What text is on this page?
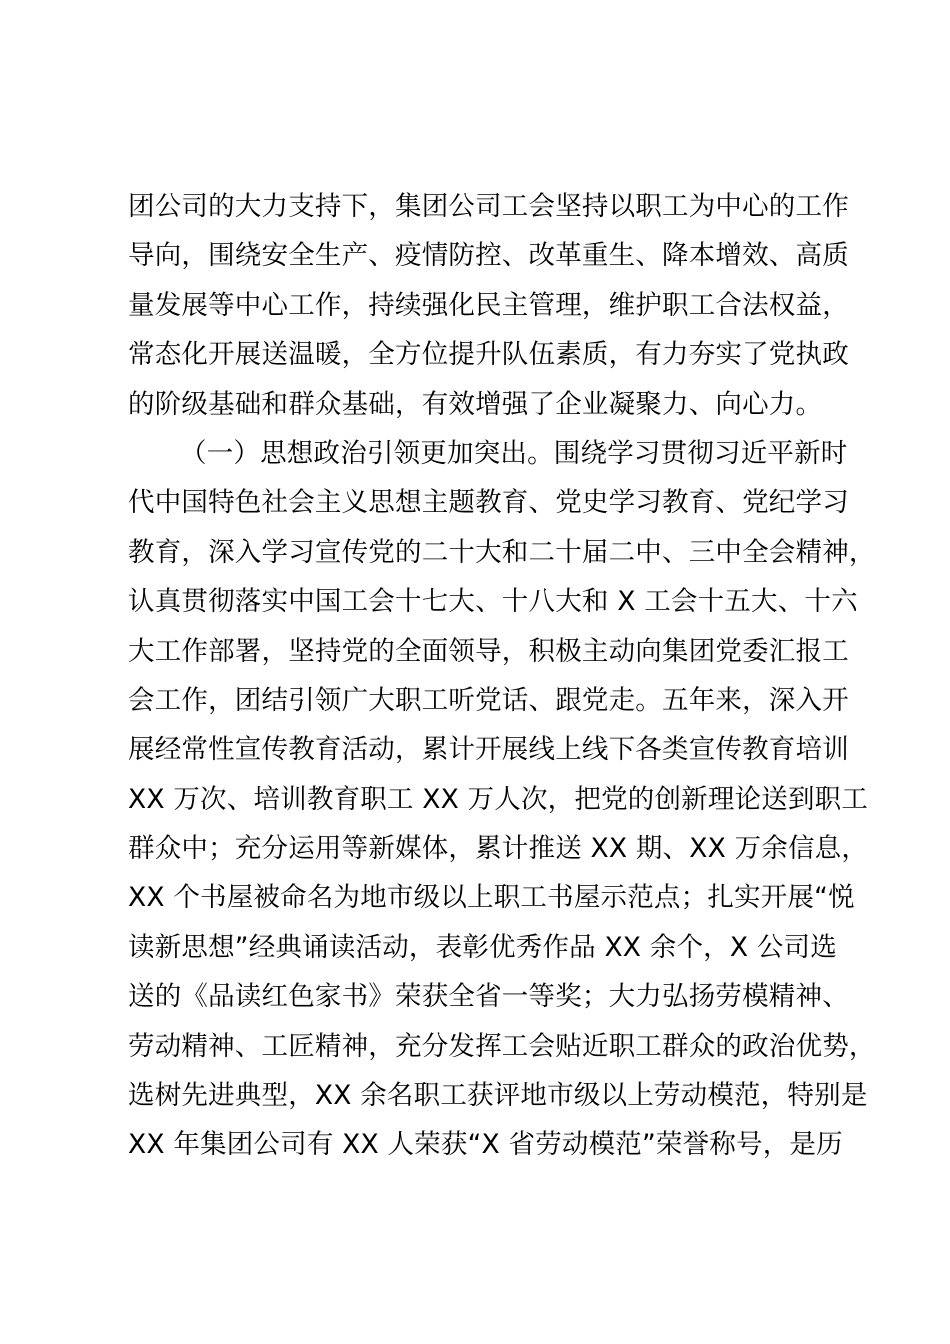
团公司的大力支持下，集团公司工会坚持以职工为中心的工作
导向，围绕安全生产、疫情防控、改革重生、降本增效、高质
量发展等中心工作，持续强化民主管理，维护职工合法权益，
常态化开展送温暖，全方位提升队伍素质，有力夯实了党执政
的阶级基础和群众基础，有效增强了企业凝聚力、向心力。
（一）思想政治引领更加突出。围绕学习贯彻习近平新时
代中国特色社会主义思想主题教育、党史学习教育、党纪学习
教育，深入学习宣传党的二十大和二十届二中、三中全会精神，
认真贯彻落实中国工会十七大、十八大和 X 工会十五大、十六
大工作部署，坚持党的全面领导，积极主动向集团党委汇报工
会工作，团结引领广大职工听党话、跟党走。五年来，深入开
展经常性宣传教育活动，累计开展线上线下各类宣传教育培训
XX 万次、培训教育职工 XX 万人次，把党的创新理论送到职工
群众中；充分运用等新媒体，累计推送 XX 期、XX 万余信息，
XX 个书屋被命名为地市级以上职工书屋示范点；扎实开展“悦
读新思想”经典诵读活动，表彰优秀作品 XX 余个，X 公司选
送的《品读红色家书》荣获全省一等奖；大力弘扬劳模精神、
劳动精神、工匠精神，充分发挥工会贴近职工群众的政治优势，
选树先进典型，XX 余名职工获评地市级以上劳动模范，特别是
XX 年集团公司有 XX 人荣获“X 省劳动模范”荣誉称号，是历
